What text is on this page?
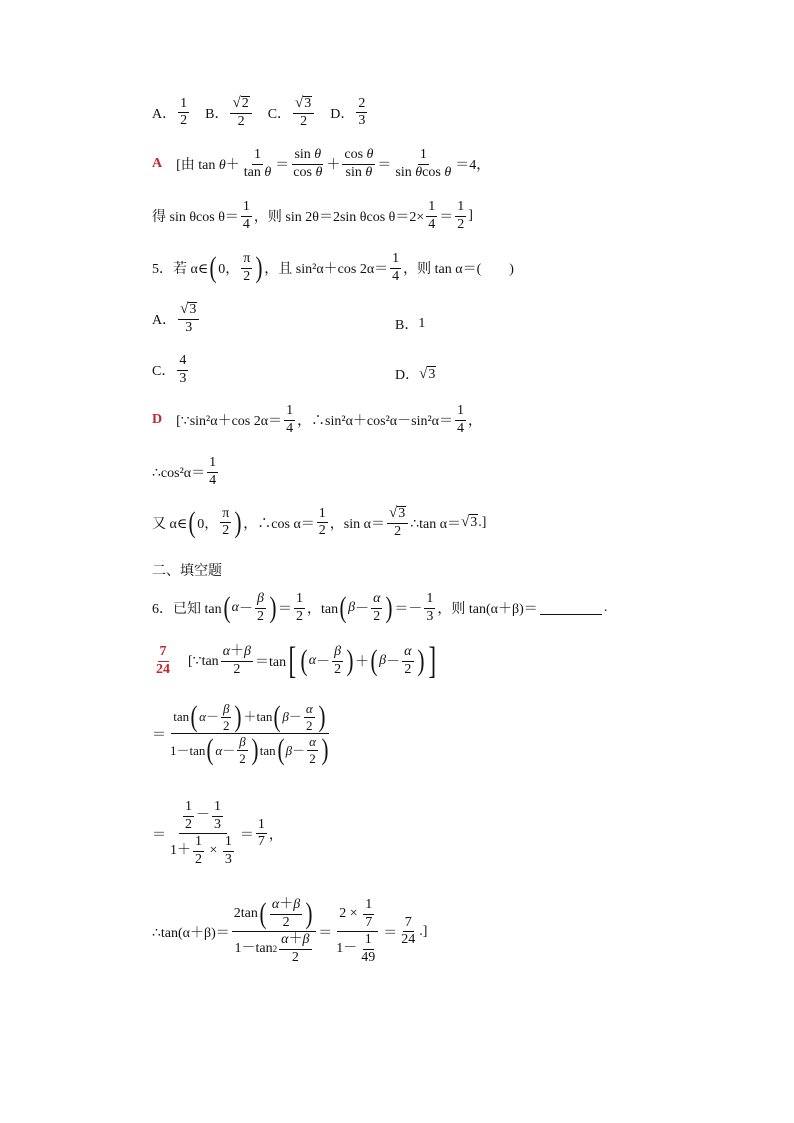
A． $\frac{1}{2}$ B． $\frac{√ 2}{2}$ C． $\frac{√ 3}{2}$ D． $\frac{2}{3}$
A [由 $\tan \theta+ \frac{1}{\text{tan θ}} = \frac{\text{sin θ}}{\text{cos θ}} + \frac{\text{cos θ}}{\text{sin θ}} = \frac{1}{\text{sin θcos θ}} =4$，
得 sin θcos $\theta= \frac{1}{4}$ ，则 sin 2θ＝2sin θcos $\theta=2\times \frac{1}{4} = \frac{1}{2}$ ]
5．若 α∈ ( 0， $\frac{\pi}{2}$ ) ，且 sin²α＋cos $2\alpha= \frac{1}{4}$ ，则 tan α＝(　　)
A． $\frac{√ 3}{3}$	B． 1
C． $\frac{4}{3}$	D． √ 3
D [∵sin²α＋cos $2\alpha= \frac{1}{4}$ ，∴sin²α＋cos²α－sin²α＝ $\frac{1}{4}$ ，
∴cos²α＝ $\frac{1}{4}$
又 α∈ ( 0， $\frac{\pi}{2}$ ) ，∴cos $\alpha= \frac{1}{2}$ ，$\sin \alpha= \frac{√ 3}{2}$ ∴tan α＝ √ 3 .]
二、填空题
6．已知 tan ( $\alpha - \frac{\beta}{2}$ ) ＝ $\frac{1}{2}$ ，tan ( $\beta - \frac{\alpha}{2}$ ) ＝－ $\frac{1}{3}$ ，则 tan(α＋β)＝	.
$\frac{7}{24}$ [∵tan $\frac{\alpha+\beta}{2} =\tan$ [ ( $\alpha - \frac{\beta}{2}$ ) ＋ ( $\beta - \frac{\alpha}{2}$ ) ]
＝ $\frac{\tan ( \alpha - \frac{\beta}{2} ) +\tan ( \beta - \frac{\alpha}{2} )}{1-\tan ( \alpha - \frac{\beta}{2} ) \tan ( \beta - \frac{\alpha}{2} )}$
＝ $\frac{\frac{1}{2} - \frac{1}{3}}{1+ \frac{1}{2} \times \frac{1}{3}} = \frac{1}{7}$ ，
∴tan(α＋β)＝ $\frac{2\tan ( \frac{\alpha+\beta}{2} )}{1-\tan 2 \frac{\alpha+\beta}{2}} = \frac{2 \times \frac{1}{7}}{1- \frac{1}{49}} = \frac{7}{24}$ .]
